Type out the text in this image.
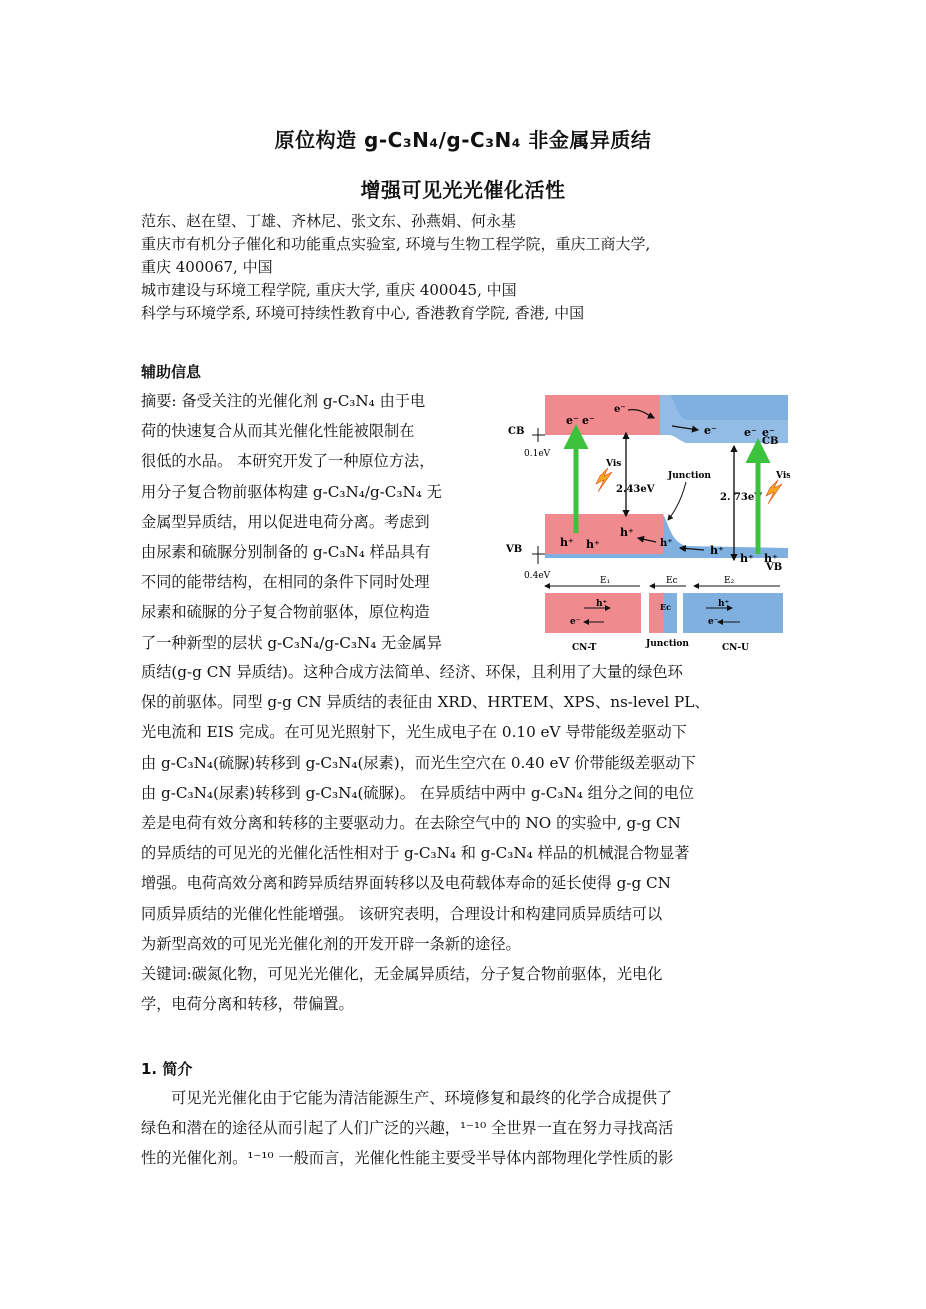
原位构造 g-C₃N₄/g-C₃N₄ 非金属异质结
增强可见光光催化活性
范东、赵在望、丁雄、齐林尼、张文东、孙燕娟、何永基
重庆市有机分子催化和功能重点实验室, 环境与生物工程学院，重庆工商大学,
重庆 400067, 中国
城市建设与环境工程学院, 重庆大学, 重庆 400045, 中国
科学与环境学系, 环境可持续性教育中心, 香港教育学院, 香港, 中国
辅助信息
摘要: 备受关注的光催化剂 g-C₃N₄ 由于电
荷的快速复合从而其光催化性能被限制在
很低的水品。 本研究开发了一种原位方法，
用分子复合物前驱体构建 g-C₃N₄/g-C₃N₄ 无
金属型异质结，用以促进电荷分离。考虑到
由尿素和硫脲分别制备的 g-C₃N₄ 样品具有
不同的能带结构，在相同的条件下同时处理
尿素和硫脲的分子复合物前驱体，原位构造
了一种新型的层状 g-C₃N₄/g-C₃N₄ 无金属异
CB
CB
VB
VB
0.1eV
0.4eV
e⁻ e⁻
e⁻
e⁻ e⁻ e⁻
2.43eV
2. 73eV
Vis
Vis
Junction
h⁺ h⁺
h⁺
h⁺
h⁺
h⁺ h⁺
E₁	Ec	E₂
h⁺
e⁻
h⁺
e⁻
Ec
CN-T	Junction	CN-U
质结(g-g CN 异质结)。这种合成方法简单、经济、环保，且利用了大量的绿色环
保的前驱体。同型 g-g CN 异质结的表征由 XRD、HRTEM、XPS、ns-level PL、
光电流和 EIS 完成。在可见光照射下，光生成电子在 0.10 eV 导带能级差驱动下
由 g-C₃N₄(硫脲)转移到 g-C₃N₄(尿素)，而光生空穴在 0.40 eV 价带能级差驱动下
由 g-C₃N₄(尿素)转移到 g-C₃N₄(硫脲)。 在异质结中两中 g-C₃N₄ 组分之间的电位
差是电荷有效分离和转移的主要驱动力。在去除空气中的 NO 的实验中, g-g CN
的异质结的可见光的光催化活性相对于 g-C₃N₄ 和 g-C₃N₄ 样品的机械混合物显著
增强。电荷高效分离和跨异质结界面转移以及电荷载体寿命的延长使得 g-g CN
同质异质结的光催化性能增强。 该研究表明，合理设计和构建同质异质结可以
为新型高效的可见光光催化剂的开发开辟一条新的途径。
关键词:碳氮化物，可见光光催化，无金属异质结，分子复合物前驱体，光电化
学，电荷分离和转移，带偏置。
1. 简介
可见光光催化由于它能为清洁能源生产、环境修复和最终的化学合成提供了
绿色和潜在的途径从而引起了人们广泛的兴趣，¹⁻¹⁰ 全世界一直在努力寻找高活
性的光催化剂。¹⁻¹⁰ 一般而言，光催化性能主要受半导体内部物理化学性质的影
